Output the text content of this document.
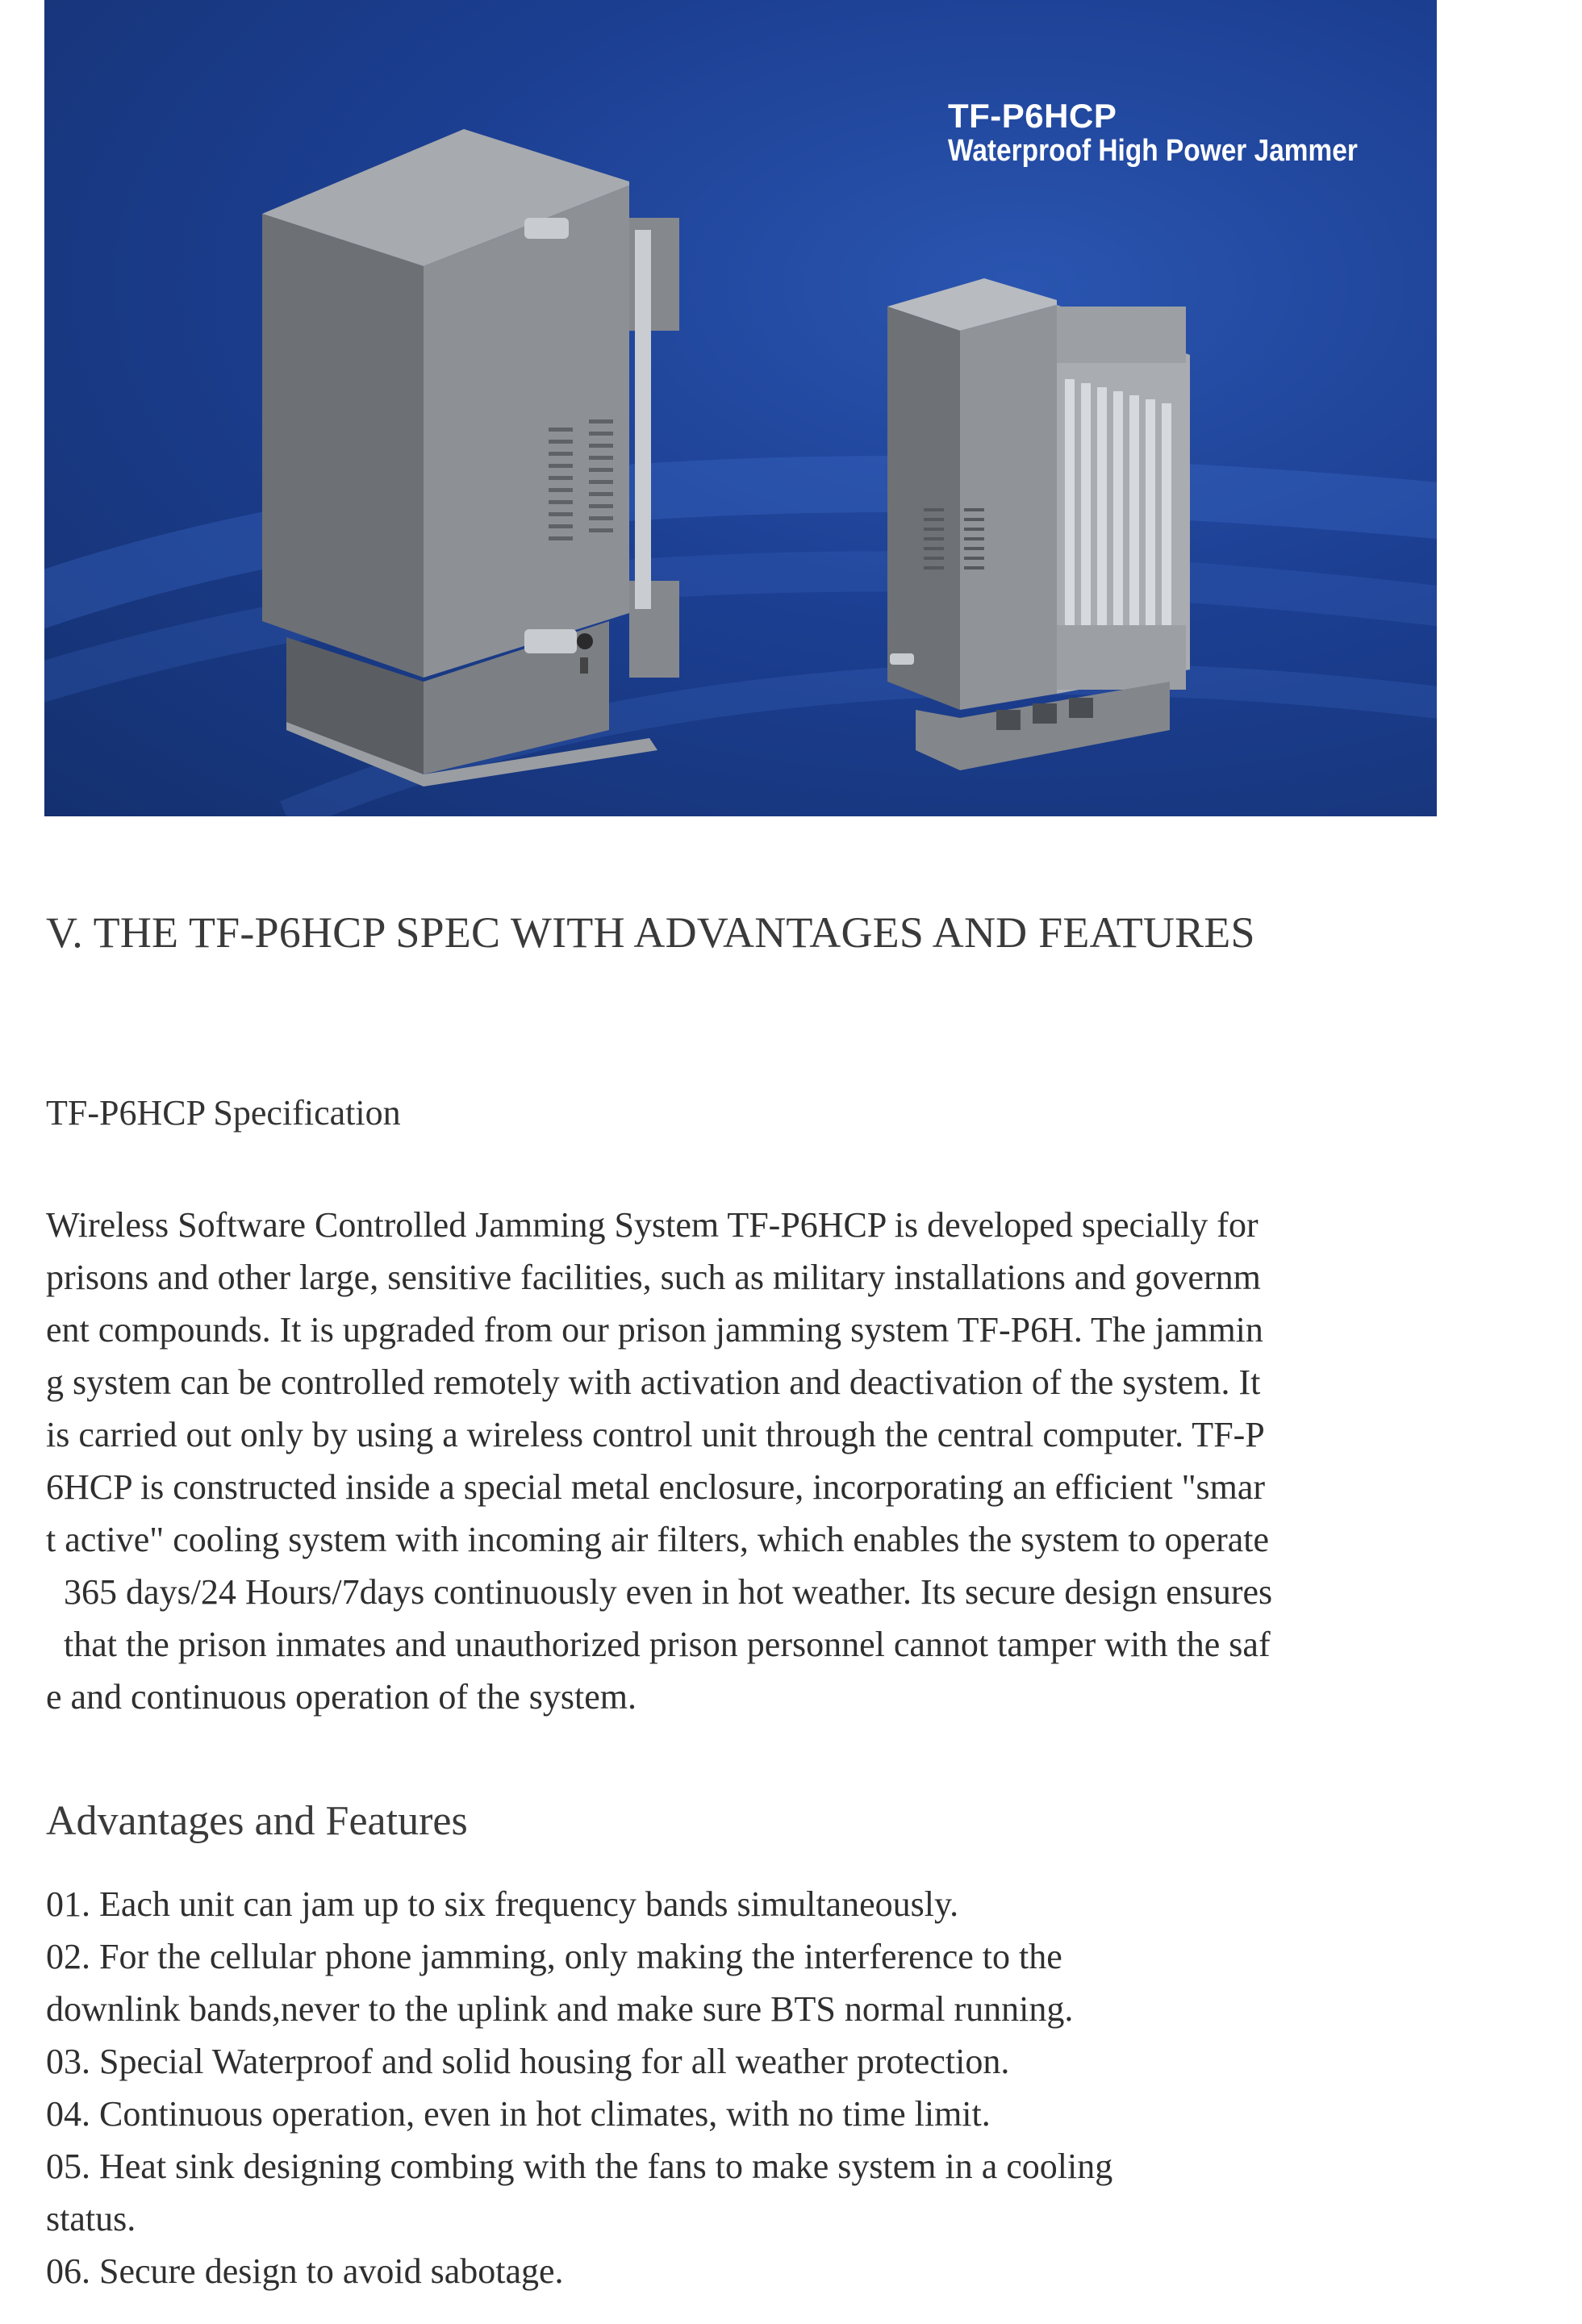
TF-P6HCP
Waterproof High Power Jammer
V. THE TF-P6HCP SPEC WITH ADVANTAGES AND FEATURES
TF-P6HCP Specification
Wireless Software Controlled Jamming System TF-P6HCP is developed specially for
prisons and other large, sensitive facilities, such as military installations and governm
ent compounds. It is upgraded from our prison jamming system TF-P6H. The jammin
g system can be controlled remotely with activation and deactivation of the system. It
is carried out only by using a wireless control unit through the central computer. TF-P
6HCP is constructed inside a special metal enclosure, incorporating an efficient "smar
t active" cooling system with incoming air filters, which enables the system to operate
365 days/24 Hours/7days continuously even in hot weather. Its secure design ensures
that the prison inmates and unauthorized prison personnel cannot tamper with the saf
e and continuous operation of the system.
Advantages and Features
01. Each unit can jam up to six frequency bands simultaneously.
02. For the cellular phone jamming, only making the interference to the
downlink bands,never to the uplink and make sure BTS normal running.
03. Special Waterproof and solid housing for all weather protection.
04. Continuous operation, even in hot climates, with no time limit.
05. Heat sink designing combing with the fans to make system in a cooling
status.
06. Secure design to avoid sabotage.
